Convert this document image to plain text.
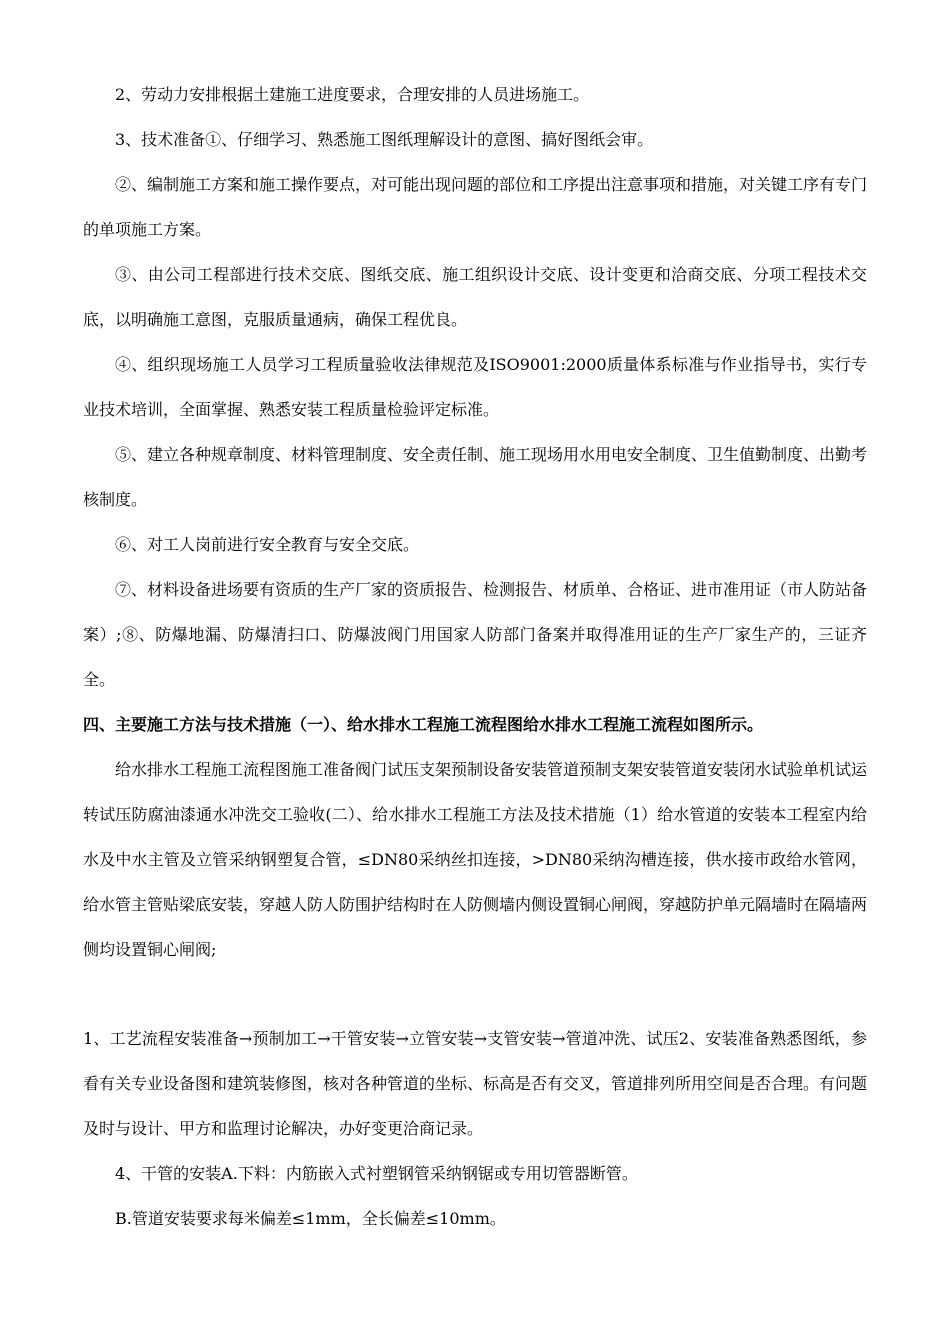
2、劳动力安排根据土建施工进度要求，合理安排的人员进场施工。

3、技术准备①、仔细学习、熟悉施工图纸理解设计的意图、搞好图纸会审。

②、编制施工方案和施工操作要点，对可能出现问题的部位和工序提出注意事项和措施，对关键工序有专门的单项施工方案。

③、由公司工程部进行技术交底、图纸交底、施工组织设计交底、设计变更和洽商交底、分项工程技术交底，以明确施工意图，克服质量通病，确保工程优良。

④、组织现场施工人员学习工程质量验收法律规范及ISO9001:2000质量体系标准与作业指导书，实行专业技术培训，全面掌握、熟悉安装工程质量检验评定标准。

⑤、建立各种规章制度、材料管理制度、安全责任制、施工现场用水用电安全制度、卫生值勤制度、出勤考核制度。

⑥、对工人岗前进行安全教育与安全交底。

⑦、材料设备进场要有资质的生产厂家的资质报告、检测报告、材质单、合格证、进市准用证（市人防站备案）;⑧、防爆地漏、防爆清扫口、防爆波阀门用国家人防部门备案并取得准用证的生产厂家生产的，三证齐全。

四、主要施工方法与技术措施（一）、给水排水工程施工流程图给水排水工程施工流程如图所示。

给水排水工程施工流程图施工准备阀门试压支架预制设备安装管道预制支架安装管道安装闭水试验单机试运转试压防腐油漆通水冲洗交工验收(二）、给水排水工程施工方法及技术措施（1）给水管道的安装本工程室内给水及中水主管及立管采纳钢塑复合管，≤DN80采纳丝扣连接，>DN80采纳沟槽连接，供水接市政给水管网，给水管主管贴梁底安装，穿越人防人防围护结构时在人防侧墙内侧设置铜心闸阀，穿越防护单元隔墙时在隔墙两侧均设置铜心闸阀;

1、工艺流程安装准备→预制加工→干管安装→立管安装→支管安装→管道冲洗、试压2、安装准备熟悉图纸，参看有关专业设备图和建筑装修图，核对各种管道的坐标、标高是否有交叉，管道排列所用空间是否合理。有问题及时与设计、甲方和监理讨论解决，办好变更洽商记录。

4、干管的安装A.下料：内筋嵌入式衬塑钢管采纳钢锯或专用切管器断管。

B.管道安装要求每米偏差≤1mm，全长偏差≤10mm。
